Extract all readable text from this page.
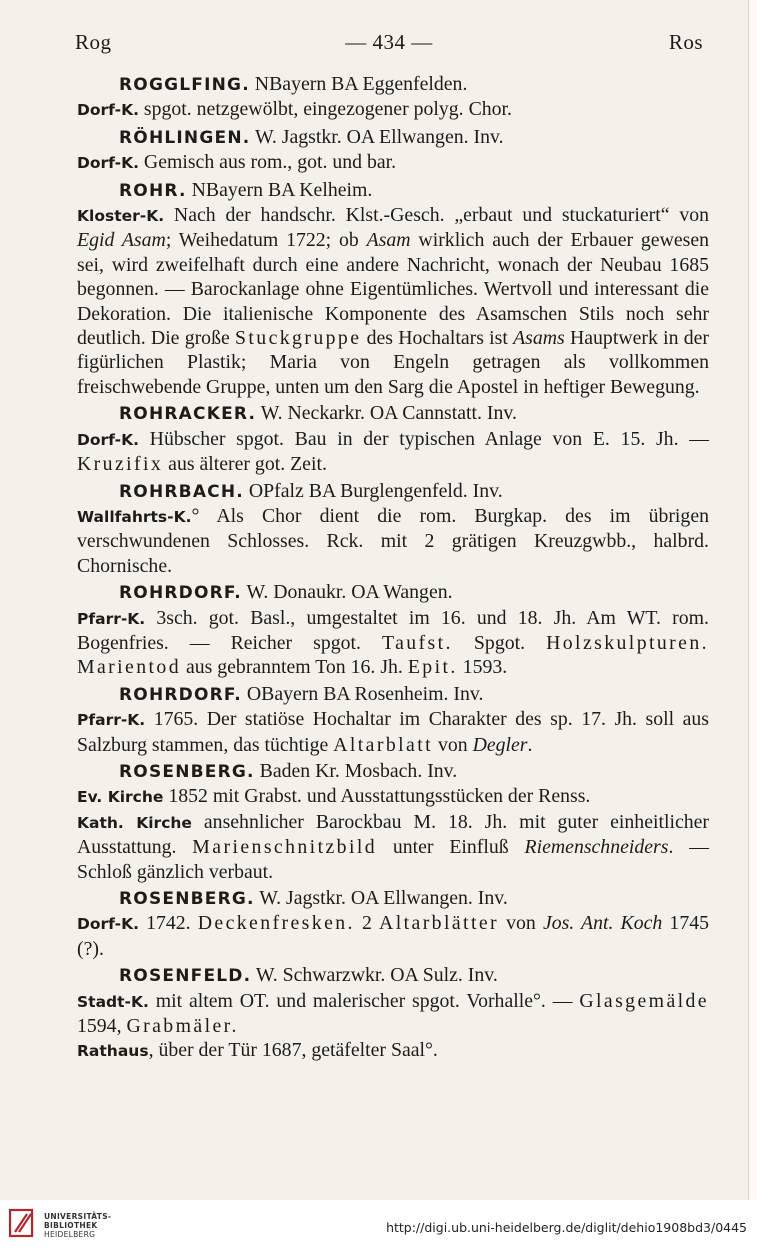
Rog	— 434 —	Ros
ROGGLFING. NBayern BA Eggenfelden.
Dorf-K. spgot. netzgewölbt, eingezogener polyg. Chor.
RÖHLINGEN. W. Jagstkr. OA Ellwangen. Inv.
Dorf-K. Gemisch aus rom., got. und bar.
ROHR. NBayern BA Kelheim.
Kloster-K. Nach der handschr. Klst.-Gesch. „erbaut und stuckaturiert“ von Egid Asam; Weihedatum 1722; ob Asam wirklich auch der Erbauer gewesen sei, wird zweifelhaft durch eine andere Nachricht, wonach der Neubau 1685 begonnen. — Barockanlage ohne Eigentümliches. Wertvoll und interessant die Dekoration. Die italienische Komponente des Asamschen Stils noch sehr deutlich. Die große Stuckgruppe des Hochaltars ist Asams Hauptwerk in der figürlichen Plastik; Maria von Engeln getragen als vollkommen freischwebende Gruppe, unten um den Sarg die Apostel in heftiger Bewegung.
ROHRACKER. W. Neckarkr. OA Cannstatt. Inv.
Dorf-K. Hübscher spgot. Bau in der typischen Anlage von E. 15. Jh. — Kruzifix aus älterer got. Zeit.
ROHRBACH. OPfalz BA Burglengenfeld. Inv.
Wallfahrts-K.° Als Chor dient die rom. Burgkap. des im übrigen verschwundenen Schlosses. Rck. mit 2 grätigen Kreuzgwbb., halbrd. Chornische.
ROHRDORF. W. Donaukr. OA Wangen.
Pfarr-K. 3sch. got. Basl., umgestaltet im 16. und 18. Jh. Am WT. rom. Bogenfries. — Reicher spgot. Taufst. Spgot. Holzskulpturen. Marientod aus gebranntem Ton 16. Jh. Epit. 1593.
ROHRDORF. OBayern BA Rosenheim. Inv.
Pfarr-K. 1765. Der statiöse Hochaltar im Charakter des sp. 17. Jh. soll aus Salzburg stammen, das tüchtige Altarblatt von Degler.
ROSENBERG. Baden Kr. Mosbach. Inv.
Ev. Kirche 1852 mit Grabst. und Ausstattungsstücken der Renss.
Kath. Kirche ansehnlicher Barockbau M. 18. Jh. mit guter einheitlicher Ausstattung. Marienschnitzbild unter Einfluß Riemenschneiders. — Schloß gänzlich verbaut.
ROSENBERG. W. Jagstkr. OA Ellwangen. Inv.
Dorf-K. 1742. Deckenfresken. 2 Altarblätter von Jos. Ant. Koch 1745 (?).
ROSENFELD. W. Schwarzwkr. OA Sulz. Inv.
Stadt-K. mit altem OT. und malerischer spgot. Vorhalle°. — Glasgemälde 1594, Grabmäler.
Rathaus, über der Tür 1687, getäfelter Saal°.
UNIVERSITÄTS-
BIBLIOTHEK
HEIDELBERG	http://digi.ub.uni-heidelberg.de/diglit/dehio1908bd3/0445
